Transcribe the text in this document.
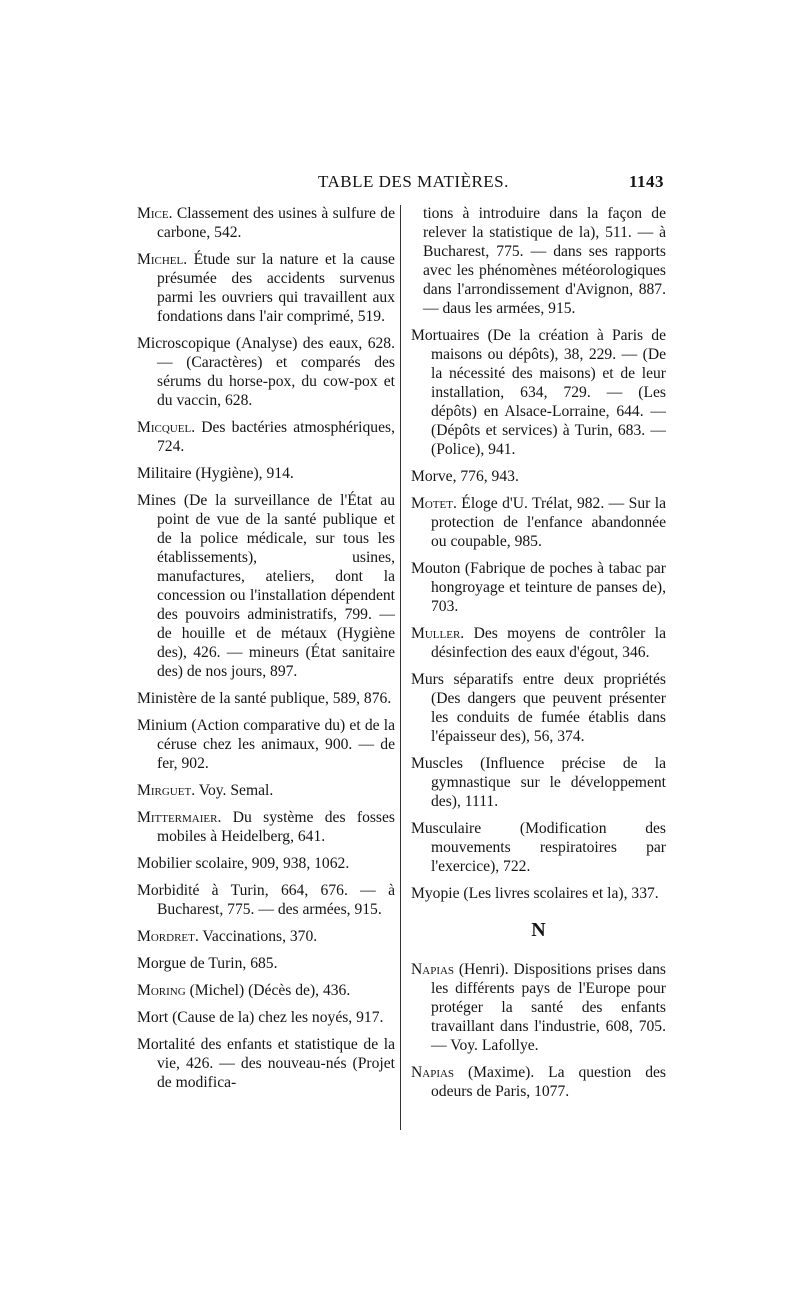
TABLE DES MATIÈRES.	1143

Mice. Classement des usines à sulfure de carbone, 542.

Michel. Étude sur la nature et la cause présumée des accidents survenus parmi les ouvriers qui travaillent aux fondations dans l'air comprimé, 519.

Microscopique (Analyse) des eaux, 628. — (Caractères) et comparés des sérums du horse-pox, du cow-pox et du vaccin, 628.

Micquel. Des bactéries atmosphériques, 724.

Militaire (Hygiène), 914.

Mines (De la surveillance de l'État au point de vue de la santé publique et de la police médicale, sur tous les établissements), usines, manufactures, ateliers, dont la concession ou l'installation dépendent des pouvoirs administratifs, 799. — de houille et de métaux (Hygiène des), 426. — mineurs (État sanitaire des) de nos jours, 897.

Ministère de la santé publique, 589, 876.

Minium (Action comparative du) et de la céruse chez les animaux, 900. — de fer, 902.

Mirguet. Voy. Semal.

Mittermaier. Du système des fosses mobiles à Heidelberg, 641.

Mobilier scolaire, 909, 938, 1062.

Morbidité à Turin, 664, 676. — à Bucharest, 775. — des armées, 915.

Mordret. Vaccinations, 370.

Morgue de Turin, 685.

Moring (Michel) (Décès de), 436.

Mort (Cause de la) chez les noyés, 917.

Mortalité des enfants et statistique de la vie, 426. — des nouveau-nés (Projet de modifica-

tions à introduire dans la façon de relever la statistique de la), 511. — à Bucharest, 775. — dans ses rapports avec les phénomènes météorologiques dans l'arrondissement d'Avignon, 887. — daus les armées, 915.

Mortuaires (De la création à Paris de maisons ou dépôts), 38, 229. — (De la nécessité des maisons) et de leur installation, 634, 729. — (Les dépôts) en Alsace-Lorraine, 644. — (Dépôts et services) à Turin, 683. — (Police), 941.

Morve, 776, 943.

Motet. Éloge d'U. Trélat, 982. — Sur la protection de l'enfance abandonnée ou coupable, 985.

Mouton (Fabrique de poches à tabac par hongroyage et teinture de panses de), 703.

Muller. Des moyens de contrôler la désinfection des eaux d'égout, 346.

Murs séparatifs entre deux propriétés (Des dangers que peuvent présenter les conduits de fumée établis dans l'épaisseur des), 56, 374.

Muscles (Influence précise de la gymnastique sur le développement des), 1111.

Musculaire (Modification des mouvements respiratoires par l'exercice), 722.

Myopie (Les livres scolaires et la), 337.

N

Napias (Henri). Dispositions prises dans les différents pays de l'Europe pour protéger la santé des enfants travaillant dans l'industrie, 608, 705. — Voy. Lafollye.

Napias (Maxime). La question des odeurs de Paris, 1077.
